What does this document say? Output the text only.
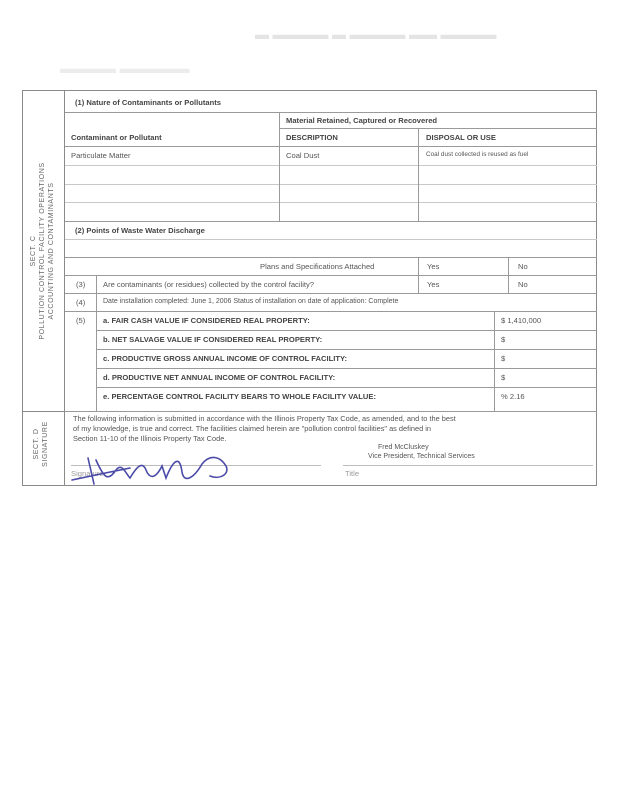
▬ ▬▬▬▬ ▬ ▬▬▬▬ ▬▬ ▬▬▬▬
▬▬▬▬ ▬▬▬▬▬
SECT. C POLLUTION CONTROL FACILITY OPERATIONS ACCOUNTING AND CONTAMINANTS
SECT. D SIGNATURE
(1) Nature of Contaminants or Pollutants
Material Retained, Captured or Recovered
Contaminant or Pollutant	DESCRIPTION	DISPOSAL OR USE
Particulate Matter	Coal Dust	Coal dust collected is reused as fuel
(2) Points of Waste Water Discharge
Plans and Specifications Attached	Yes	No
(3) Are contaminants (or residues) collected by the control facility?	Yes	No
(4)	Date installation completed: June 1, 2006 Status of installation on date of application: Complete
(5) a. FAIR CASH VALUE IF CONSIDERED REAL PROPERTY:	$ 1,410,000
b. NET SALVAGE VALUE IF CONSIDERED REAL PROPERTY:	$
c. PRODUCTIVE GROSS ANNUAL INCOME OF CONTROL FACILITY:	$
d. PRODUCTIVE NET ANNUAL INCOME OF CONTROL FACILITY:	$
e. PERCENTAGE CONTROL FACILITY BEARS TO WHOLE FACILITY VALUE:	% 2.16
The following information is submitted in accordance with the Illinois Property Tax Code, as amended, and to the best
of my knowledge, is true and correct. The facilities claimed herein are "pollution control facilities" as defined in
Section 11-10 of the Illinois Property Tax Code.
Fred McCluskey
Vice President, Technical Services
Signature	Title
